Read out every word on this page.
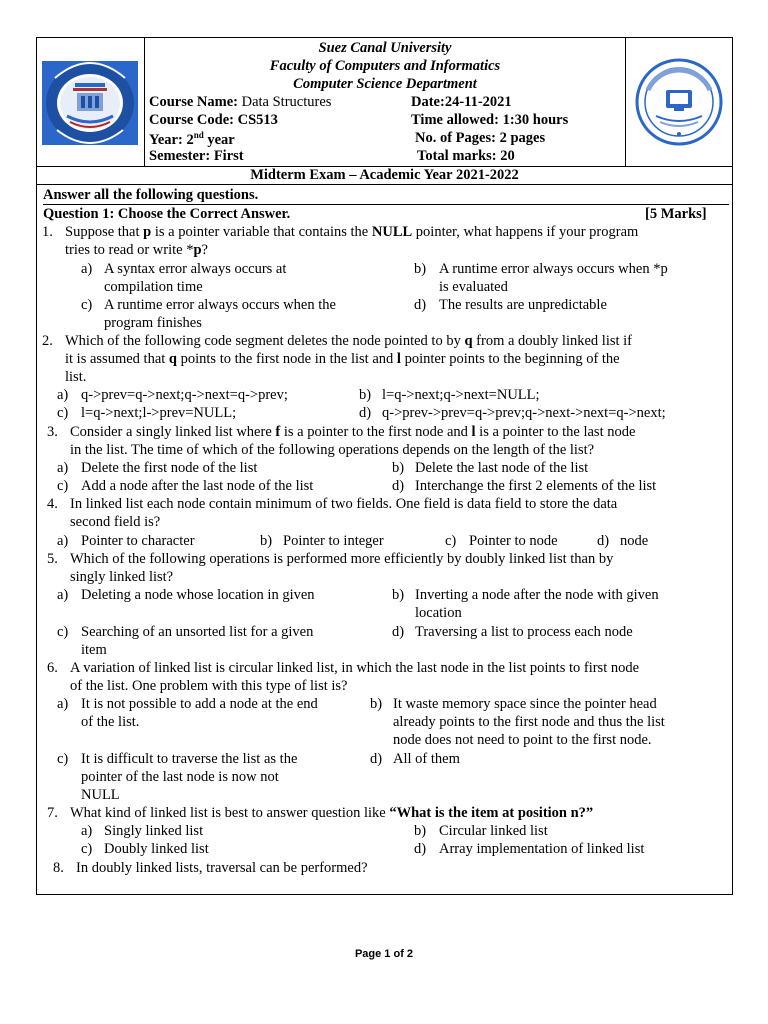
Suez Canal University
Faculty of Computers and Informatics
Computer Science Department
Course Name: Data Structures	Date:24-11-2021
Course Code: CS513	Time allowed: 1:30 hours
Year: 2nd year	No. of Pages: 2 pages
Semester: First	Total marks: 20
Midterm Exam – Academic Year 2021-2022
Answer all the following questions.
Question 1: Choose the Correct Answer.	[5 Marks]
1. Suppose that p is a pointer variable that contains the NULL pointer, what happens if your program
tries to read or write *p?
a) A syntax error always occurs at
compilation time
b) A runtime error always occurs when *p
is evaluated
c) A runtime error always occurs when the
program finishes
d) The results are unpredictable
2. Which of the following code segment deletes the node pointed to by q from a doubly linked list if
it is assumed that q points to the first node in the list and l pointer points to the beginning of the
list.
a) q->prev=q->next;q->next=q->prev;	b) l=q->next;q->next=NULL;
c) l=q->next;l->prev=NULL;	d) q->prev->prev=q->prev;q->next->next=q->next;
3. Consider a singly linked list where f is a pointer to the first node and l is a pointer to the last node
in the list. The time of which of the following operations depends on the length of the list?
a) Delete the first node of the list	b) Delete the last node of the list
c) Add a node after the last node of the list	d) Interchange the first 2 elements of the list
4. In linked list each node contain minimum of two fields. One field is data field to store the data
second field is?
a) Pointer to character	b) Pointer to integer	c) Pointer to node	d) node
5. Which of the following operations is performed more efficiently by doubly linked list than by
singly linked list?
a) Deleting a node whose location in given	b) Inverting a node after the node with given
location
c) Searching of an unsorted list for a given
item
d) Traversing a list to process each node
6. A variation of linked list is circular linked list, in which the last node in the list points to first node
of the list. One problem with this type of list is?
a) It is not possible to add a node at the end
of the list.
b) It waste memory space since the pointer head
already points to the first node and thus the list
node does not need to point to the first node.
c) It is difficult to traverse the list as the
pointer of the last node is now not
NULL
d) All of them
7. What kind of linked list is best to answer question like “What is the item at position n?”
a) Singly linked list	b) Circular linked list
c) Doubly linked list	d) Array implementation of linked list
8. In doubly linked lists, traversal can be performed?
Page 1 of 2
